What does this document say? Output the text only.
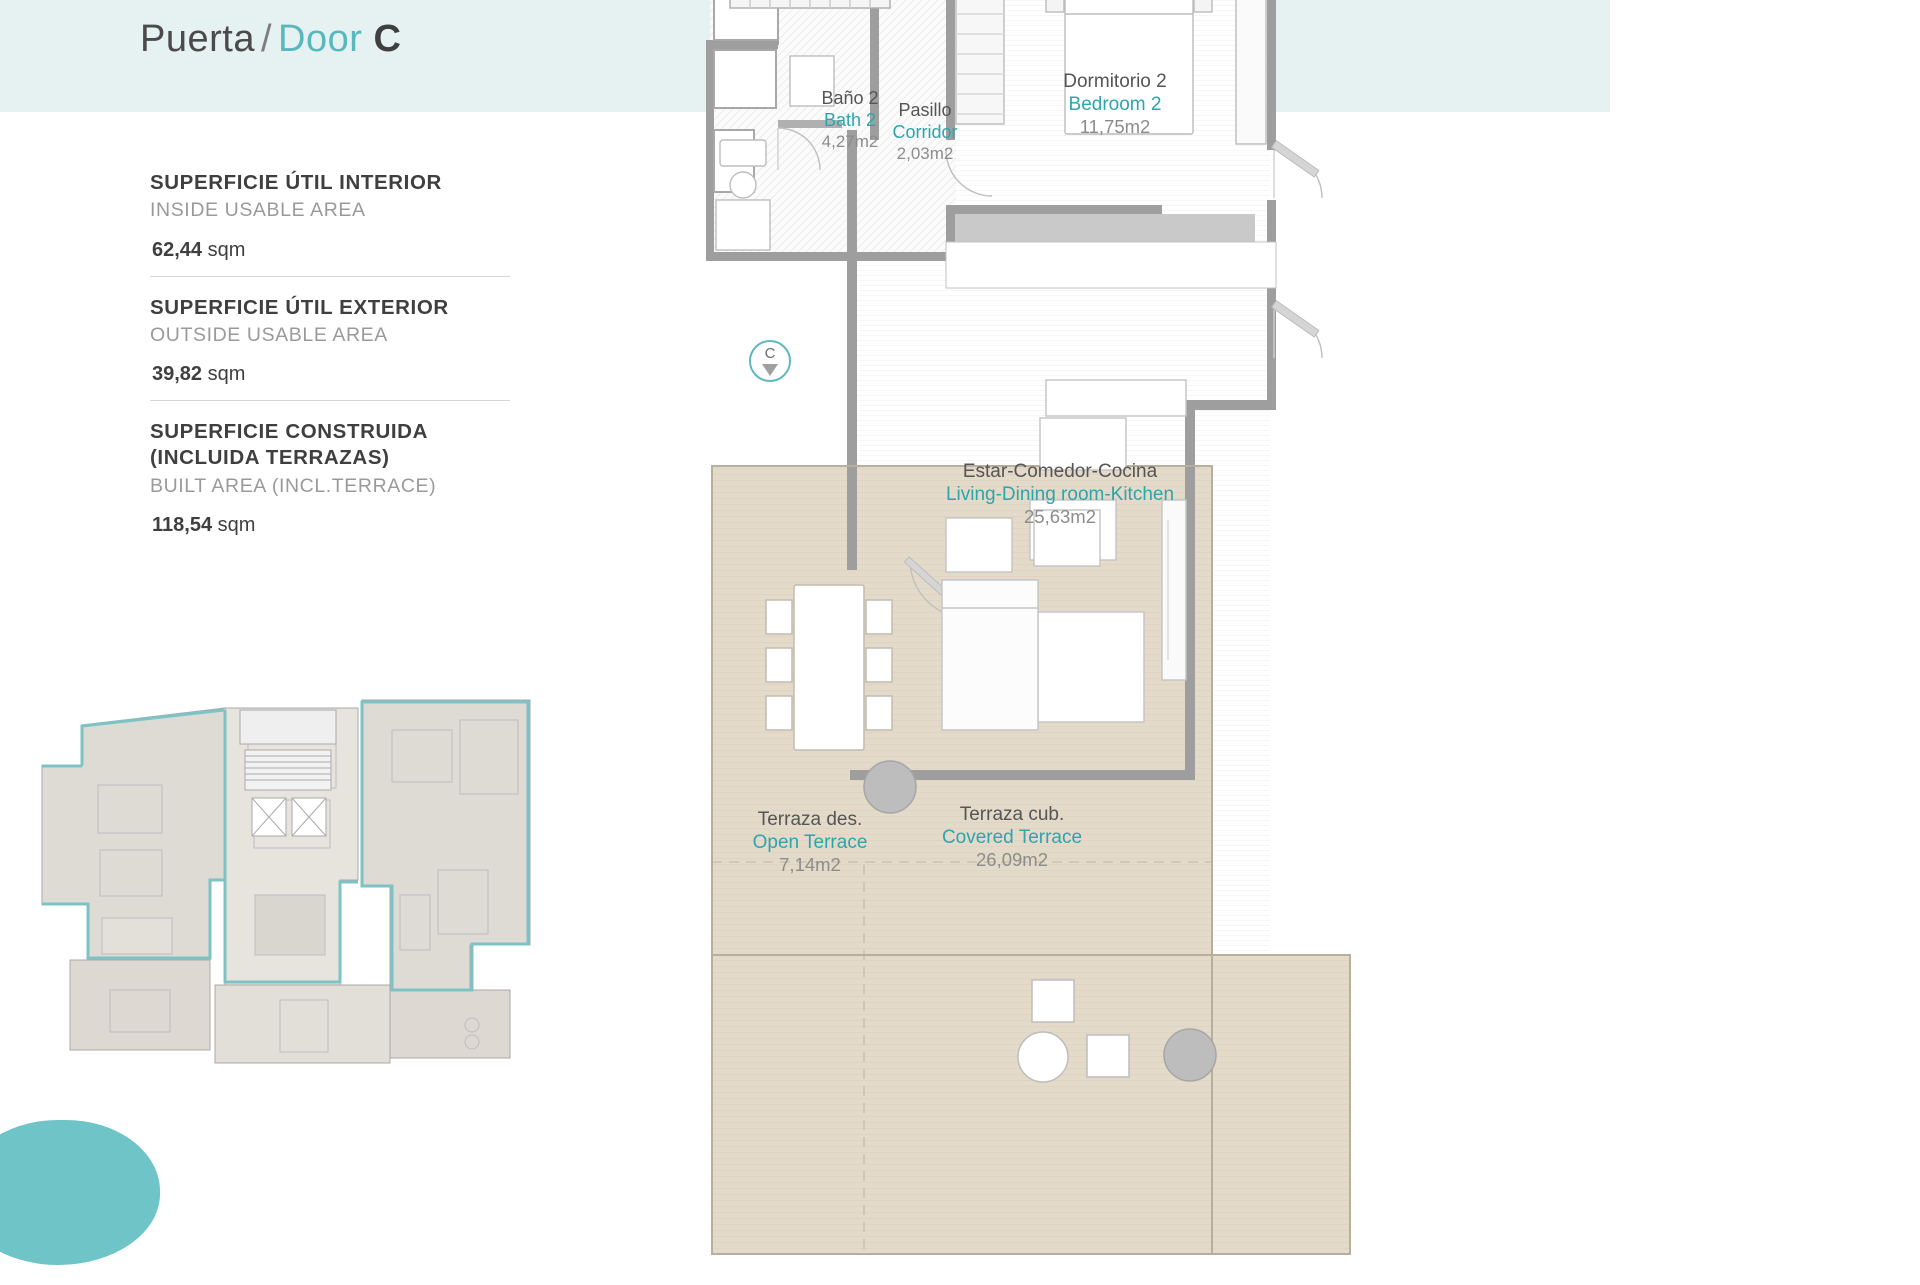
Puerta / Door C
SUPERFICIE ÚTIL INTERIOR
INSIDE USABLE AREA
62,44 sqm
SUPERFICIE ÚTIL EXTERIOR
OUTSIDE USABLE AREA
39,82 sqm
SUPERFICIE CONSTRUIDA (INCLUIDA TERRAZAS)
BUILT AREA (INCL.TERRACE)
118,54 sqm
C
Baño 2
Bath 2
4,27m2
Pasillo
Corridor
2,03m2
Dormitorio 2
Bedroom 2
11,75m2
Estar-Comedor-Cocina
Living-Dining room-Kitchen
25,63m2
Terraza des.
Open Terrace
7,14m2
Terraza cub.
Covered Terrace
26,09m2
